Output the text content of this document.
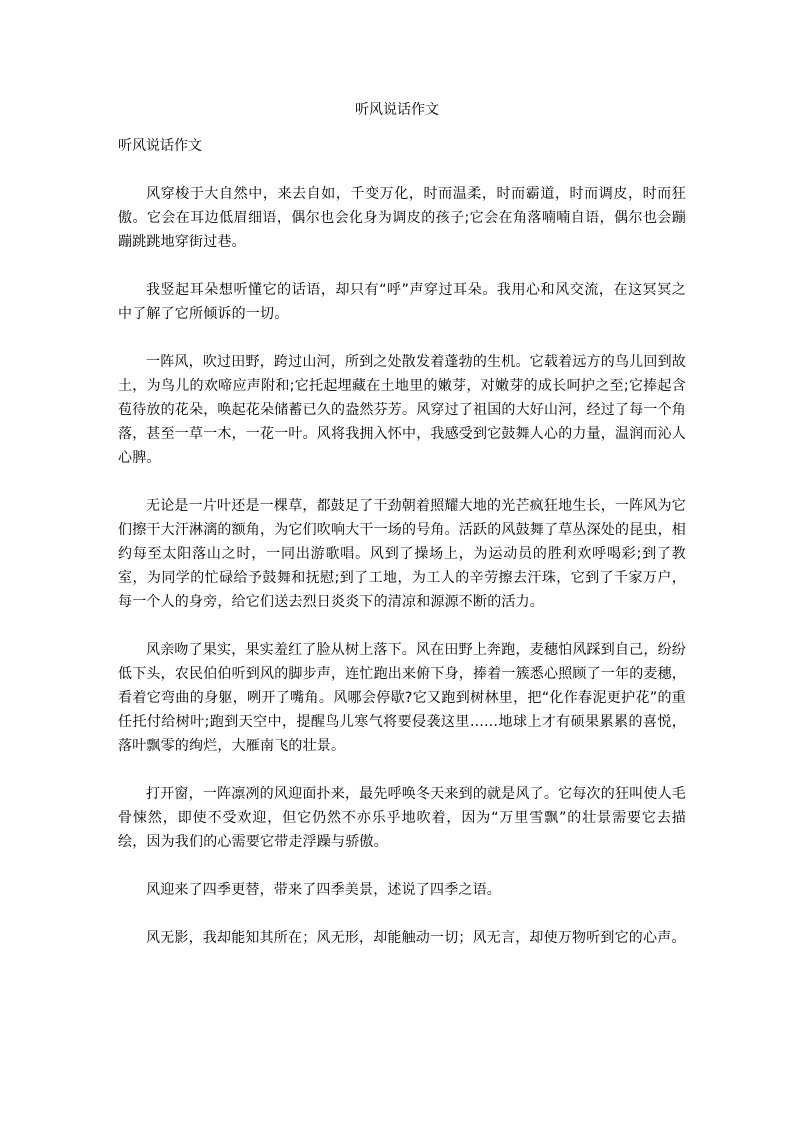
听风说话作文

听风说话作文

风穿梭于大自然中，来去自如，千变万化，时而温柔，时而霸道，时而调皮，时而狂傲。它会在耳边低眉细语，偶尔也会化身为调皮的孩子;它会在角落喃喃自语，偶尔也会蹦蹦跳跳地穿街过巷。

我竖起耳朵想听懂它的话语，却只有“呼”声穿过耳朵。我用心和风交流，在这冥冥之中了解了它所倾诉的一切。

一阵风，吹过田野，跨过山河，所到之处散发着蓬勃的生机。它载着远方的鸟儿回到故土，为鸟儿的欢啼应声附和;它托起埋藏在土地里的嫩芽，对嫩芽的成长呵护之至;它捧起含苞待放的花朵，唤起花朵储蓄已久的盎然芬芳。风穿过了祖国的大好山河，经过了每一个角落，甚至一草一木，一花一叶。风将我拥入怀中，我感受到它鼓舞人心的力量，温润而沁人心脾。

无论是一片叶还是一棵草，都鼓足了干劲朝着照耀大地的光芒疯狂地生长，一阵风为它们擦干大汗淋漓的额角，为它们吹响大干一场的号角。活跃的风鼓舞了草丛深处的昆虫，相约每至太阳落山之时，一同出游歌唱。风到了操场上，为运动员的胜利欢呼喝彩;到了教室，为同学的忙碌给予鼓舞和抚慰;到了工地，为工人的辛劳擦去汗珠，它到了千家万户，每一个人的身旁，给它们送去烈日炎炎下的清凉和源源不断的活力。

风亲吻了果实，果实羞红了脸从树上落下。风在田野上奔跑，麦穗怕风踩到自己，纷纷低下头，农民伯伯听到风的脚步声，连忙跑出来俯下身，捧着一簇悉心照顾了一年的麦穗，看着它弯曲的身躯，咧开了嘴角。风哪会停歇?它又跑到树林里，把“化作春泥更护花”的重任托付给树叶;跑到天空中，提醒鸟儿寒气将要侵袭这里……地球上才有硕果累累的喜悦，落叶飘零的绚烂，大雁南飞的壮景。

打开窗，一阵凛冽的风迎面扑来，最先呼唤冬天来到的就是风了。它每次的狂叫使人毛骨悚然，即使不受欢迎，但它仍然不亦乐乎地吹着，因为“万里雪飘”的壮景需要它去描绘，因为我们的心需要它带走浮躁与骄傲。

风迎来了四季更替，带来了四季美景，述说了四季之语。

风无影，我却能知其所在；风无形，却能触动一切；风无言，却使万物听到它的心声。
